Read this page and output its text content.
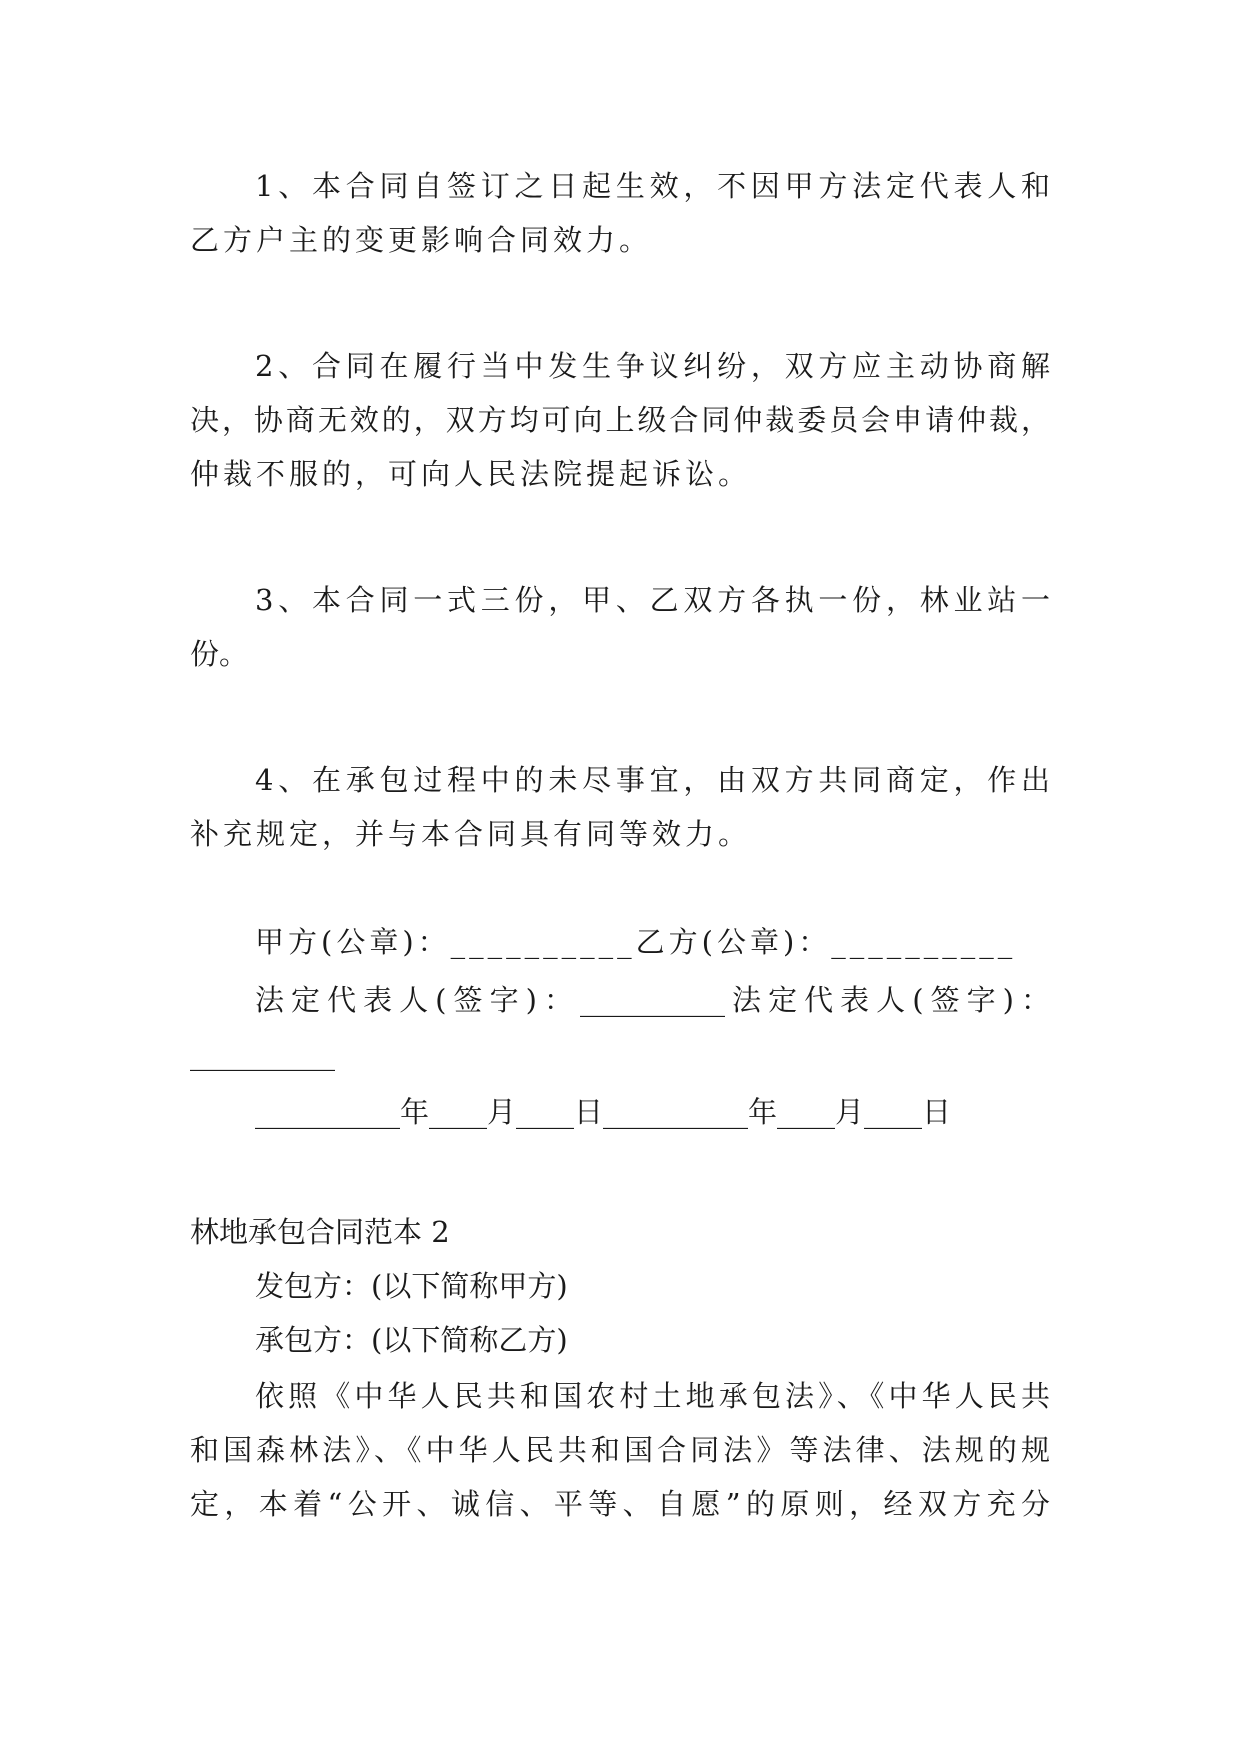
1、本合同自签订之日起生效，不因甲方法定代表人和
乙方户主的变更影响合同效力。
2、合同在履行当中发生争议纠纷，双方应主动协商解
决，协商无效的，双方均可向上级合同仲裁委员会申请仲裁，
仲裁不服的，可向人民法院提起诉讼。
3、本合同一式三份，甲、乙双方各执一份，林业站一
份。
4、在承包过程中的未尽事宜，由双方共同商定，作出
补充规定，并与本合同具有同等效力。
甲方(公章)：__________乙方(公章)：__________
法定代表人(签字)：__________法定代表人(签字)：
__________
__________年____月____日__________年____月____日
林地承包合同范本 2
发包方：(以下简称甲方)
承包方：(以下简称乙方)
依照《中华人民共和国农村土地承包法》、《中华人民共
和国森林法》、《中华人民共和国合同法》等法律、法规的规
定，本着“公开、诚信、平等、自愿”的原则，经双方充分
